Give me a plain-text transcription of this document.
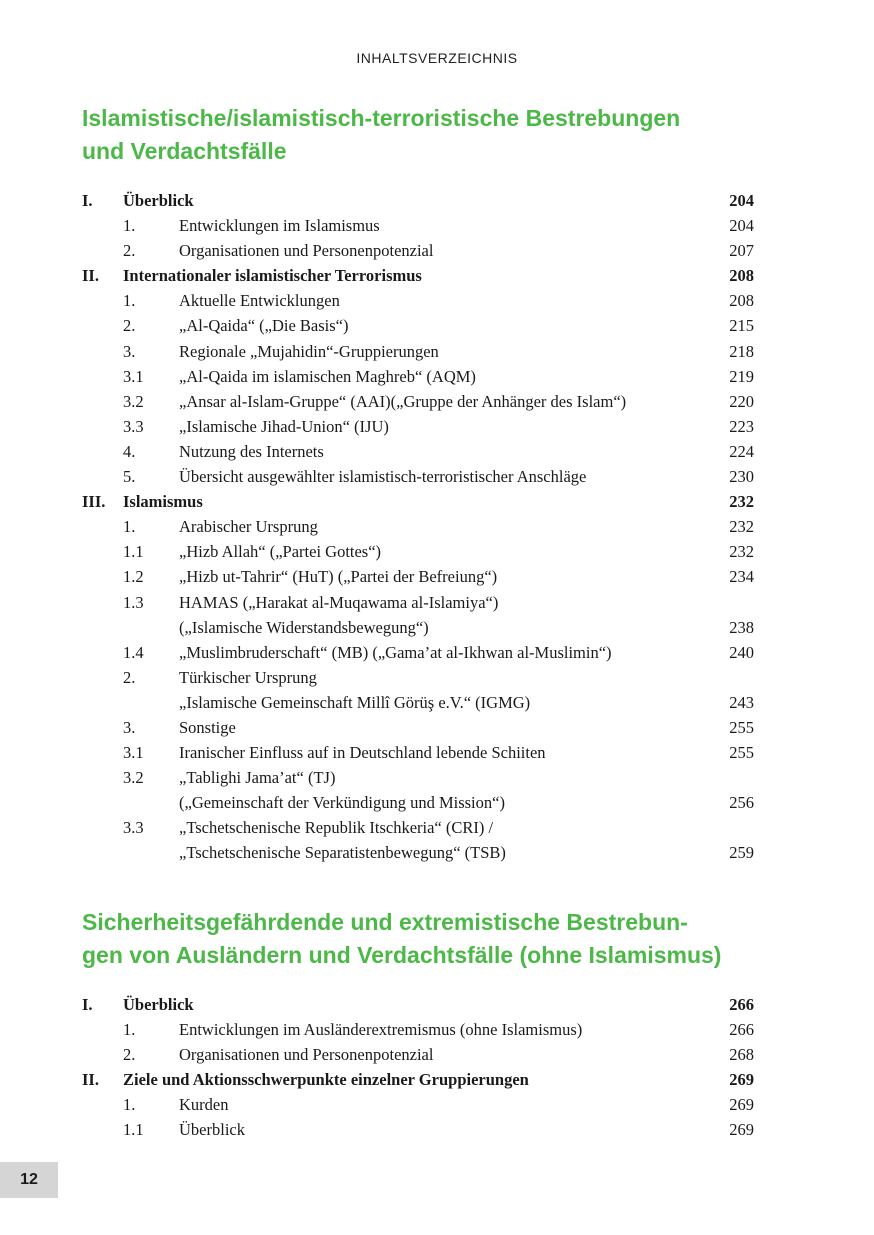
INHALTSVERZEICHNIS
Islamistische/islamistisch-terroristische Bestrebungen
und Verdachtsfälle
I. Überblick	204
1.	Entwicklungen im Islamismus	204
2.	Organisationen und Personenpotenzial	207
II. Internationaler islamistischer Terrorismus	208
1.	Aktuelle Entwicklungen	208
2.	„Al-Qaida“ („Die Basis“)	215
3.	Regionale „Mujahidin“-Gruppierungen	218
3.1 „Al-Qaida im islamischen Maghreb“ (AQM)	219
3.2 „Ansar al-Islam-Gruppe“ (AAI)(„Gruppe der Anhänger des Islam“)	220
3.3 „Islamische Jihad-Union“ (IJU)	223
4.	Nutzung des Internets	224
5.	Übersicht ausgewählter islamistisch-terroristischer Anschläge	230
III. Islamismus	232
1.	Arabischer Ursprung	232
1.1 „Hizb Allah“ („Partei Gottes“)	232
1.2 „Hizb ut-Tahrir“ (HuT) („Partei der Befreiung“)	234
1.3 HAMAS („Harakat al-Muqawama al-Islamiya“)
(„Islamische Widerstandsbewegung“)	238
1.4 „Muslimbruderschaft“ (MB) („Gama’at al-Ikhwan al-Muslimin“)	240
2.	Türkischer Ursprung
„Islamische Gemeinschaft Millî Görüş e.V.“ (IGMG)	243
3.	Sonstige	255
3.1 Iranischer Einfluss auf in Deutschland lebende Schiiten	255
3.2 „Tablighi Jama’at“ (TJ)
(„Gemeinschaft der Verkündigung und Mission“)	256
3.3 „Tschetschenische Republik Itschkeria“ (CRI) /
„Tschetschenische Separatistenbewegung“ (TSB)	259
Sicherheitsgefährdende und extremistische Bestrebun-
gen von Ausländern und Verdachtsfälle (ohne Islamismus)
I. Überblick	266
1.	Entwicklungen im Ausländerextremismus (ohne Islamismus)	266
2.	Organisationen und Personenpotenzial	268
II. Ziele und Aktionsschwerpunkte einzelner Gruppierungen	269
1.	Kurden	269
1.1 Überblick	269
12
